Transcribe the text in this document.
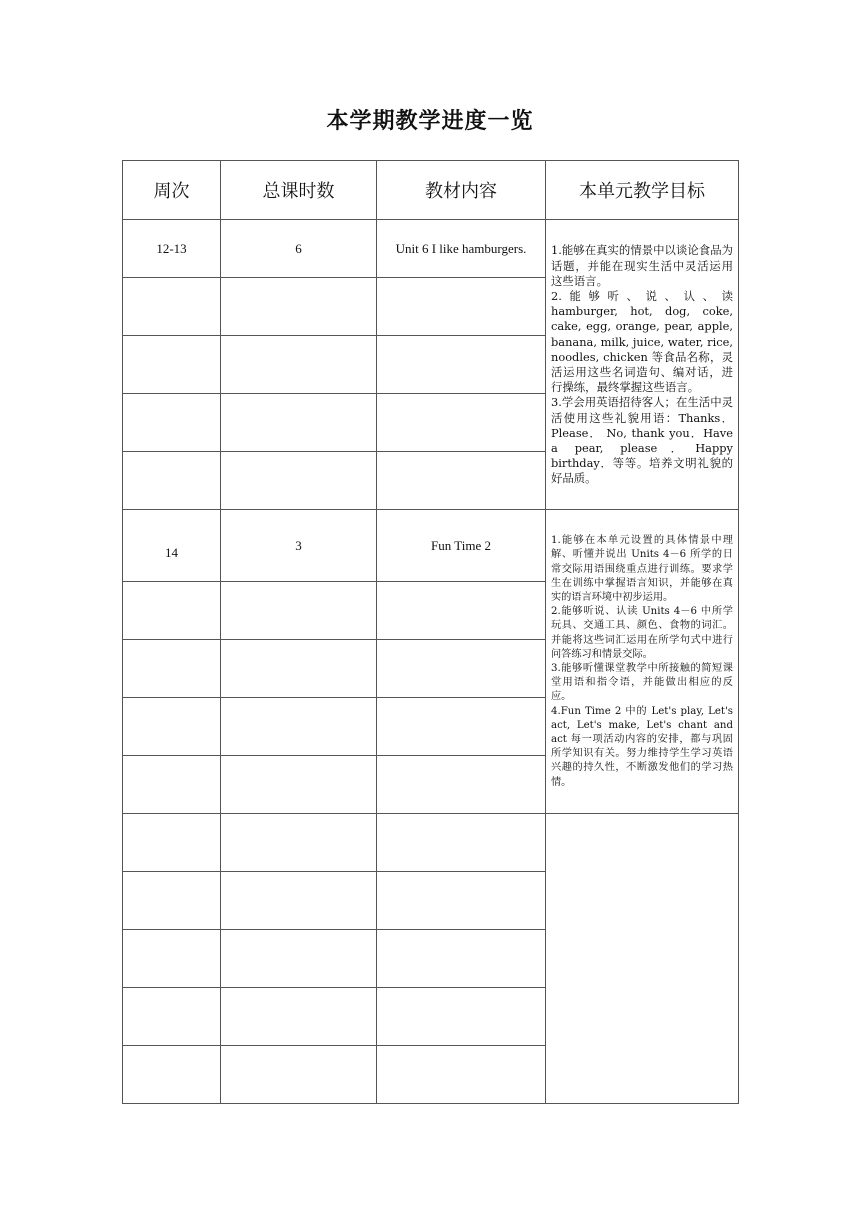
本学期教学进度一览
周次	总课时数	教材内容	本单元教学目标
12-13	6	Unit 6 I like hamburgers.	1.能够在真实的情景中以谈论食品为话题，并能在现实生活中灵活运用这些语言。

2.能够听、说、认、读 hamburger, hot, dog, coke, cake, egg, orange, pear, apple, banana, milk, juice, water, rice, noodles, chicken 等食品名称，灵活运用这些名词造句、编对话，进行操练，最终掌握这些语言。

3.学会用英语招待客人；在生活中灵活使用这些礼貌用语：Thanks． Please． No, thank you．Have a pear, please．Happy birthday．等等。培养文明礼貌的好品质。

14	3	Fun Time 2	1.能够在本单元设置的具体情景中理解、听懂并说出 Units 4－6 所学的日常交际用语围绕重点进行训练。要求学生在训练中掌握语言知识，并能够在真实的语言环境中初步运用。

2.能够听说、认读 Units 4－6 中所学玩具、交通工具、颜色、食物的词汇。并能将这些词汇运用在所学句式中进行问答练习和情景交际。

3.能够听懂课堂教学中所接触的简短课堂用语和指令语，并能做出相应的反应。

4.Fun Time 2 中的 Let's play, Let's act, Let's make, Let's chant and act 每一项活动内容的安排，都与巩固所学知识有关。努力维持学生学习英语兴趣的持久性，不断激发他们的学习热情。
